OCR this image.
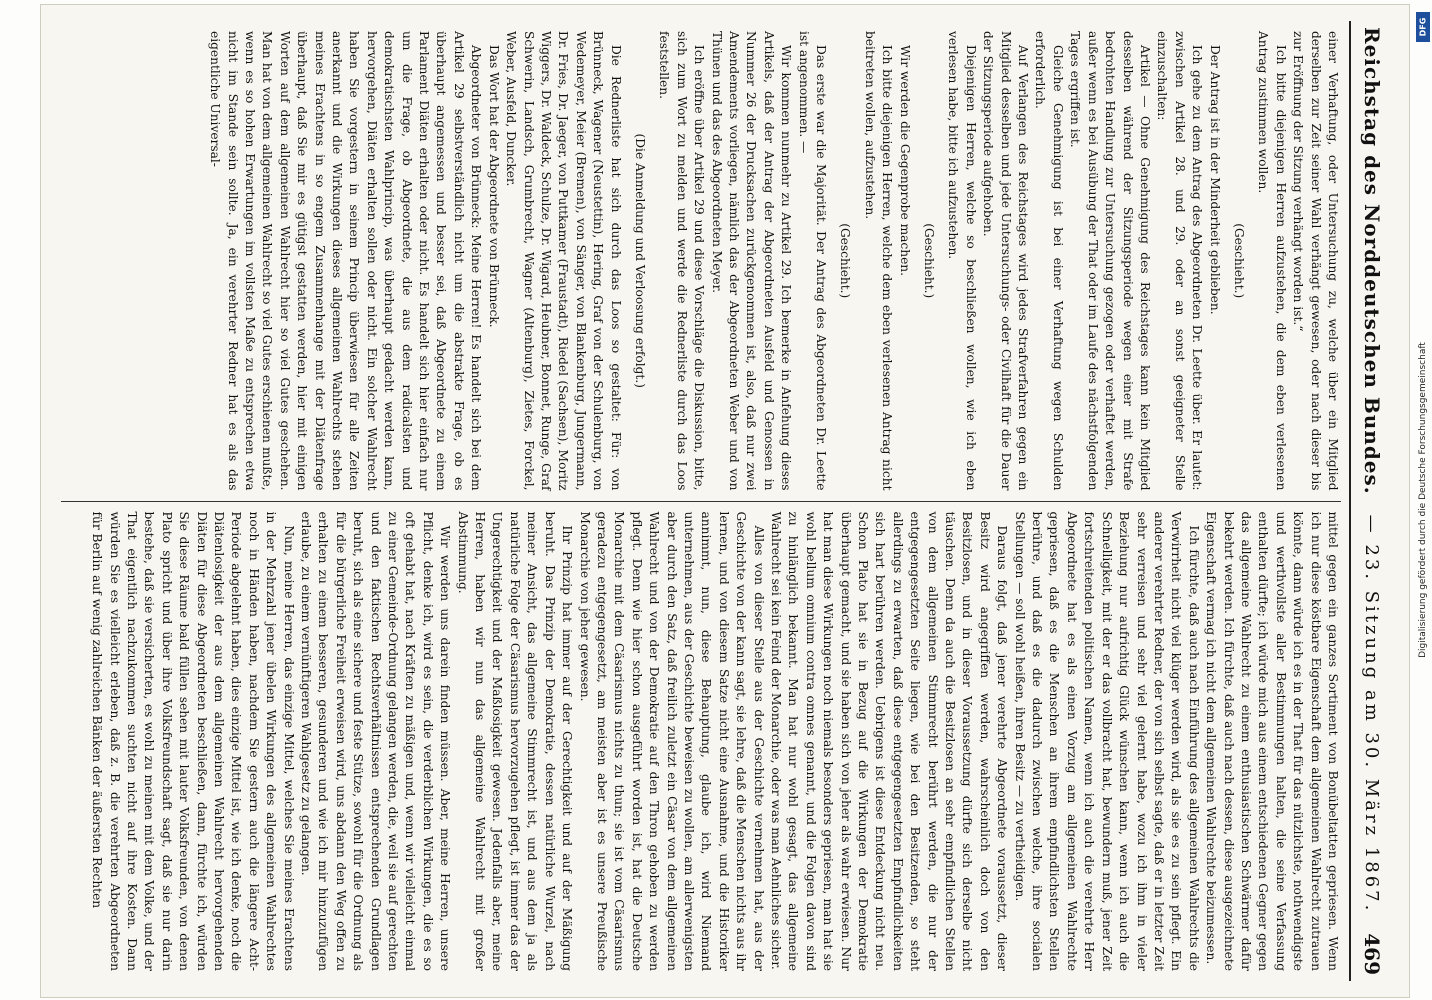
Reichstag des Norddeutschen Bundes.
— 23. Sitzung am 30. März 1867.
469

einer Verhaftung, oder Untersuchung zu, welche über ein Mitglied derselben zur Zeit seiner Wahl verhängt gewesen, oder nach dieser bis zur Eröffnung der Sitzung verhängt worden ist.“

Ich bitte diejenigen Herren aufzustehen, die dem eben verlesenen Antrag zustimmen wollen.

(Geschieht.)

Der Antrag ist in der Minderheit geblieben.

Ich gehe zu dem Antrag des Abgeordneten Dr. Leette über. Er lautet: zwischen Artikel 28. und 29. oder an sonst geeigneter Stelle einzuschalten:

Artikel — Ohne Genehmigung des Reichstages kann kein Mitglied desselben während der Sitzungsperiode wegen einer mit Strafe bedrohten Handlung zur Untersuchung gezogen oder verhaftet werden, außer wenn es bei Ausübung der That oder im Laufe des nächstfolgenden Tages ergriffen ist.

Gleiche Genehmigung ist bei einer Verhaftung wegen Schulden erforderlich.

Auf Verlangen des Reichstages wird jedes Strafverfahren gegen ein Mitglied desselben und jede Untersuchungs- oder Civilhaft für die Dauer der Sitzungsperiode aufgehoben.

Diejenigen Herren, welche so beschließen wollen, wie ich eben verlesen habe, bitte ich aufzustehen.

(Geschieht.)

Wir werden die Gegenprobe machen.

Ich bitte diejenigen Herren, welche dem eben verlesenen Antrag nicht beitreten wollen, aufzustehen.

(Geschieht.)

Das erste war die Majorität. Der Antrag des Abgeordneten Dr. Leette ist angenommen. —

Wir kommen nunmehr zu Artikel 29. Ich bemerke in Anfehung dieses Artikels, daß der Antrag der Abgeordneten Ausfeld und Genossen in Nummer 26 der Drucksachen zurückgenommen ist, also, daß nur zwei Amendements vorliegen, nämlich das der Abgeordneten Weber und von Thünen und das des Abgeordneten Meyer.

Ich eröffne über Artikel 29 und diese Vorschläge die Diskussion, bitte, sich zum Wort zu melden und werde die Rednerliste durch das Loos feststellen.

(Die Anmeldung und Verloosung erfolgt.)

Die Rednerliste hat sich durch das Loos so gestaltet: Für: von Brünneck, Wagener (Neustettin), Hering, Graf von der Schulenburg, von Wedemeyer, Meier (Bremen), von Sänger, von Blankenburg, Jungermann, Dr. Fries, Dr. Jaeger, von Puttkamer (Fraustadt), Riedel (Sachsen), Moritz Wiggers, Dr. Waldeck, Schulze, Dr. Wigard, Heubner, Bonnet, Runge, Graf Schwerin, Landsch, Grumbrecht, Wagner (Altenburg), Zietes, Forckel, Weber, Ausfeld, Duncker.

Das Wort hat der Abgeordnete von Brünneck.

Abgeordneter von Brünneck: Meine Herren! Es handelt sich bei dem Artikel 29 selbstverständlich nicht um die abstrakte Frage, ob es überhaupt angemessen und besser sei, daß Abgeordnete zu einem Parlament Diäten erhalten oder nicht. Es handelt sich hier einfach nur um die Frage, ob Abgeordnete, die aus dem radicalsten und demokratischsten Wahlprincip, was überhaupt gedacht werden kann, hervorgehen, Diäten erhalten sollen oder nicht. Ein solcher Wahlrecht haben Sie vorgestern in seinem Princip überwiesen für alle Zeiten anerkannt und die Wirkungen dieses allgemeinen Wahlrechts stehen meines Erachtens in so engem Zusammenhange mit der Diätenfrage überhaupt, daß Sie mir es gütigst gestatten werden, hier mit einigen Worten auf dem allgemeinen Wahlrecht hier so viel Gutes geschehen. Man hat von dem allgemeinen Wahlrecht so viel Gutes erschienen mußte, wenn es so hohen Erwartungen im vollsten Maße zu entsprechen etwa nicht im Stande sein sollte. Ja, ein verehrter Redner hat es als das eigentliche Universal-

mittel gegen ein ganzes Sortiment von Bonübeltatten gepriesen. Wenn ich nur diese köstbare Eigenschaft dem allgemeinen Wahlrecht zutrauen könnte, dann würde ich es in der That für das nützlichste, nothwendigste und werthvollste aller Bestimmungen halten, die seine Verfassung enthalten dürfte; ich würde mich aus einem entschiedenen Gegner gegen das allgemeine Wahlrecht zu einem enthusiastischen Schwärmer dafür bekehrt werden. Ich fürchte, daß auch nach dessen, diese ausgezeichnete Eigenschaft vermag ich nicht dem allgemeinen Wahlrechte beizumessen.

Ich fürchte, daß auch nach Einführung des allgemeinen Wahlrechts die Verwirrheit nicht viel klüger werden wird, als sie es zu sein pflegt. Ein anderer verehrter Redner, der von sich selbst sagte, daß er in letzter Zeit sehr verreisen und sehr viel gelernt habe, wozu ich ihm in vieler Beziehung nur aufrichtig Glück wünschen kann, wenn ich auch die Schnelligkeit, mit der er das vollbracht hat, bewundern muß, jener Zeit fortschreitenden politischen Namen, wenn ich auch die verehrte Herr Abgeordnete hat es als einen Vorzug am allgemeinen Wahlrechte gepriesen, daß es die Menschen an ihrem empfindlichsten Stellen berühre, und daß es die dadurch zwischen welche, ihre socialen Stellungen — soll wohl heißen, ihren Besitz — zu vertheidigen.

Daraus folgt, daß jener verehrte Abgeordnete voraussetzt, dieser Besitz wird angegriffen werden, wahrscheinlich doch von den Besitzlosen, und in dieser Voraussetzung dürfte sich derselbe nicht täuschen. Denn da auch die Besitzlosen an sehr empfindlichen Stellen von dem allgemeinen Stimmrecht berührt werden, die nur der entgegengesetzten Seite liegen, wie bei den Besitzenden, so steht allerdings zu erwarten, daß diese entgegengesetzten Empfindlichkeiten sich hart berühren werden. Uebrigens ist diese Entdeckung nicht neu. Schon Plato hat sie in Bezug auf die Wirkungen der Demokratie überhaupt gemacht, und sie haben sich von jeher als wahr erwiesen. Nur hat man diese Wirkungen noch niemals besonders gepriesen, man hat sie wohl bellum omnium contra omnes genannt, und die Folgen davon sind zu hinlänglich bekannt. Man hat nur wohl gesagt, das allgemeine Wahlrecht sei kein Feind der Monarchie, oder was man Aehnliches sicher.

Alles von dieser Stelle aus der Geschichte vernehmen hat, aus der Geschichte von der kann sagt, sie lehre, daß die Menschen nichts aus ihr lernen, und von diesem Satze nicht eine Ausnahme, und die Historiker annimmt, nun, diese Behauptung, glaube ich, wird Niemand unternehmen, aus der Geschichte beweisen zu wollen, am allerwenigsten aber durch den Satz, daß freilich zuletzt ein Cäsar von dem allgemeinen Wahlrecht und von der Demokratie auf den Thron gehoben zu werden pflegt. Denn wie hier schon ausgeführt worden ist, hat die Deutsche Monarchie mit dem Cäsarismus nichts zu thun; sie ist vom Cäsarismus geradezu entgegengesetzt, am meisten aber ist es unsere Preußische Monarchie von jeher gewesen.

Ihr Prinzip hat immer auf der Gerechtigkeit und auf der Mäßigung beruht. Das Prinzip der Demokratie, dessen natürliche Wurzel, nach meiner Ansicht, das allgemeine Stimmrecht ist, und aus dem ja als natürliche Folge der Cäsarismus hervorzugehen pflegt, ist immer das der Ungerechtigkeit und der Maßlosigkeit gewesen. Jedenfalls aber, meine Herren, haben wir nun das allgemeine Wahlrecht mit großer Abstimmung.

Wir werden uns darein finden müssen. Aber, meine Herren, unsere Pflicht, denke ich, wird es sein, die verderblichen Wirkungen, die es so oft gehabt hat, nach Kräften zu mäßigen und, wenn wir vielleicht einmal zu einer Gemeinde-Ordnung gelangen werden, die, weil sie auf gerechten und den faktischen Rechtsverhältnissen entsprechenden Grundlagen beruht, sich als eine sichere und feste Stütze, sowohl für die Ordnung als für die bürgerliche Freiheit erweisen wird, uns abdann den Weg offen zu erhalten zu einem besseren, gesunderen und wie ich mir hinzuzufügen erlaube, zu einem vernünftigeren Wahlgesetz zu gelangen.

Nun, meine Herren, das einzige Mittel, welches Sie meines Erachtens in der Mehrzahl jener übelen Wirkungen des allgemeinen Wahlrechtes noch in Händen haben, nachdem Sie gestern auch die längere Acht-Periode abgelehnt haben, dies einzige Mittel ist, wie ich denke, noch die Diätenlosigkeit der aus dem allgemeinen Wahlrecht hervorgehenden Diäten für diese Abgeordneten beschließen, dann, fürchte ich, würden Sie diese Räume bald füllen sehen mit lauter Volksfreunden, von denen Plato spricht und über ihre Volksfreundschaft sagt, daß sie nur darin bestehe, daß sie versicherten, es wohl zu meinen mit dem Volke, und der That eigentlich nachzukommen suchten nicht auf ihre Kosten. Dann würden Sie es vielleicht erleben, daß z. B. die verehrten Abgeordneten für Berlin auf wenig zahlreichen Bänken der äußersten Rechten

Digitalisierung gefördert durch die Deutsche Forschungsgemeinschaft
DFG
